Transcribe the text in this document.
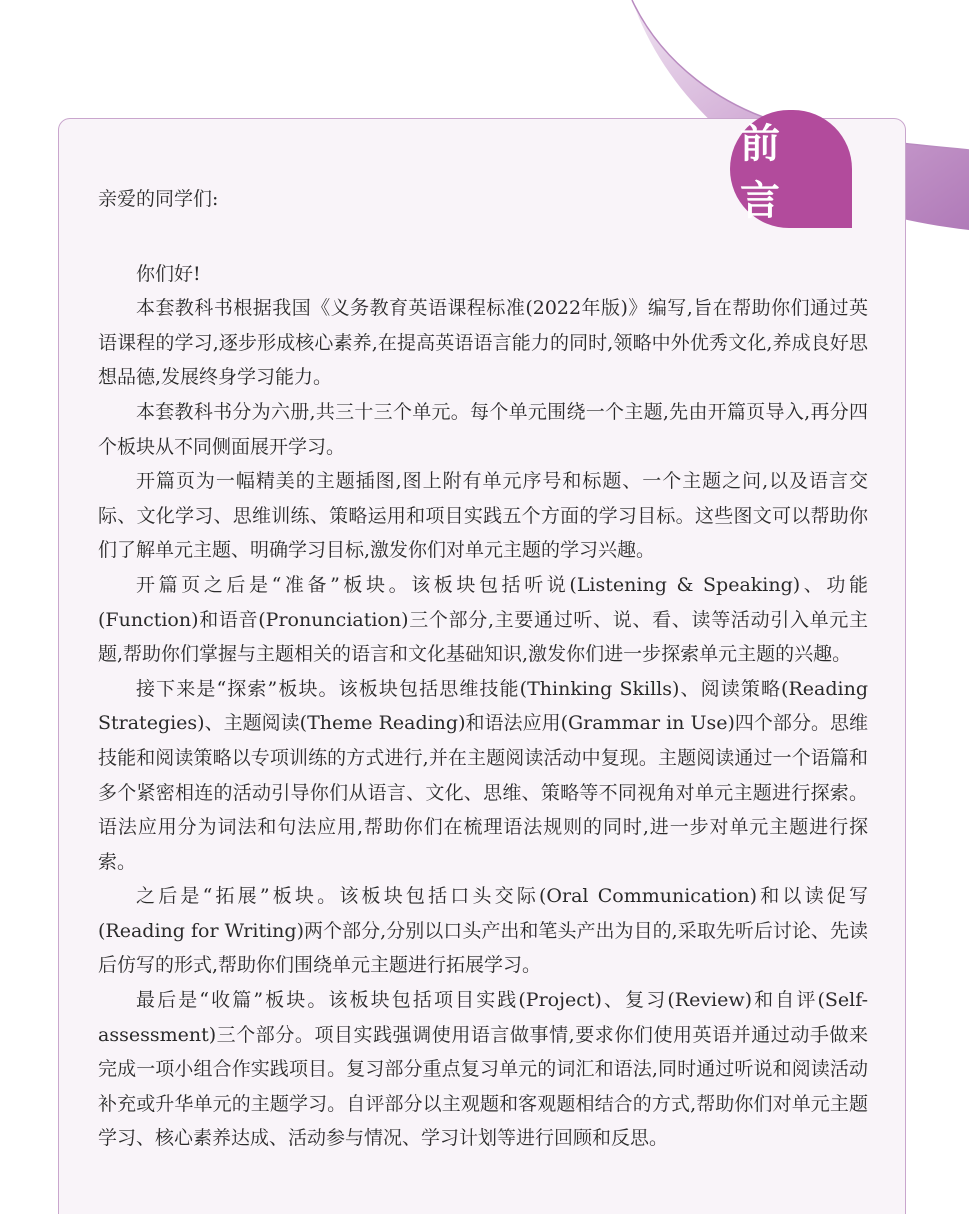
前 言

亲爱的同学们:

你们好!

本套教科书根据我国《义务教育英语课程标准(2022年版)》编写,旨在帮助你们通过英语课程的学习,逐步形成核心素养,在提高英语语言能力的同时,领略中外优秀文化,养成良好思想品德,发展终身学习能力。

本套教科书分为六册,共三十三个单元。每个单元围绕一个主题,先由开篇页导入,再分四个板块从不同侧面展开学习。

开篇页为一幅精美的主题插图,图上附有单元序号和标题、一个主题之问,以及语言交际、文化学习、思维训练、策略运用和项目实践五个方面的学习目标。这些图文可以帮助你们了解单元主题、明确学习目标,激发你们对单元主题的学习兴趣。

开篇页之后是“准备”板块。该板块包括听说(Listening & Speaking)、功能(Function)和语音(Pronunciation)三个部分,主要通过听、说、看、读等活动引入单元主题,帮助你们掌握与主题相关的语言和文化基础知识,激发你们进一步探索单元主题的兴趣。

接下来是“探索”板块。该板块包括思维技能(Thinking Skills)、阅读策略(Reading Strategies)、主题阅读(Theme Reading)和语法应用(Grammar in Use)四个部分。思维技能和阅读策略以专项训练的方式进行,并在主题阅读活动中复现。主题阅读通过一个语篇和多个紧密相连的活动引导你们从语言、文化、思维、策略等不同视角对单元主题进行探索。语法应用分为词法和句法应用,帮助你们在梳理语法规则的同时,进一步对单元主题进行探索。

之后是“拓展”板块。该板块包括口头交际(Oral Communication)和以读促写(Reading for Writing)两个部分,分别以口头产出和笔头产出为目的,采取先听后讨论、先读后仿写的形式,帮助你们围绕单元主题进行拓展学习。

最后是“收篇”板块。该板块包括项目实践(Project)、复习(Review)和自评(Self-assessment)三个部分。项目实践强调使用语言做事情,要求你们使用英语并通过动手做来完成一项小组合作实践项目。复习部分重点复习单元的词汇和语法,同时通过听说和阅读活动补充或升华单元的主题学习。自评部分以主观题和客观题相结合的方式,帮助你们对单元主题学习、核心素养达成、活动参与情况、学习计划等进行回顾和反思。
